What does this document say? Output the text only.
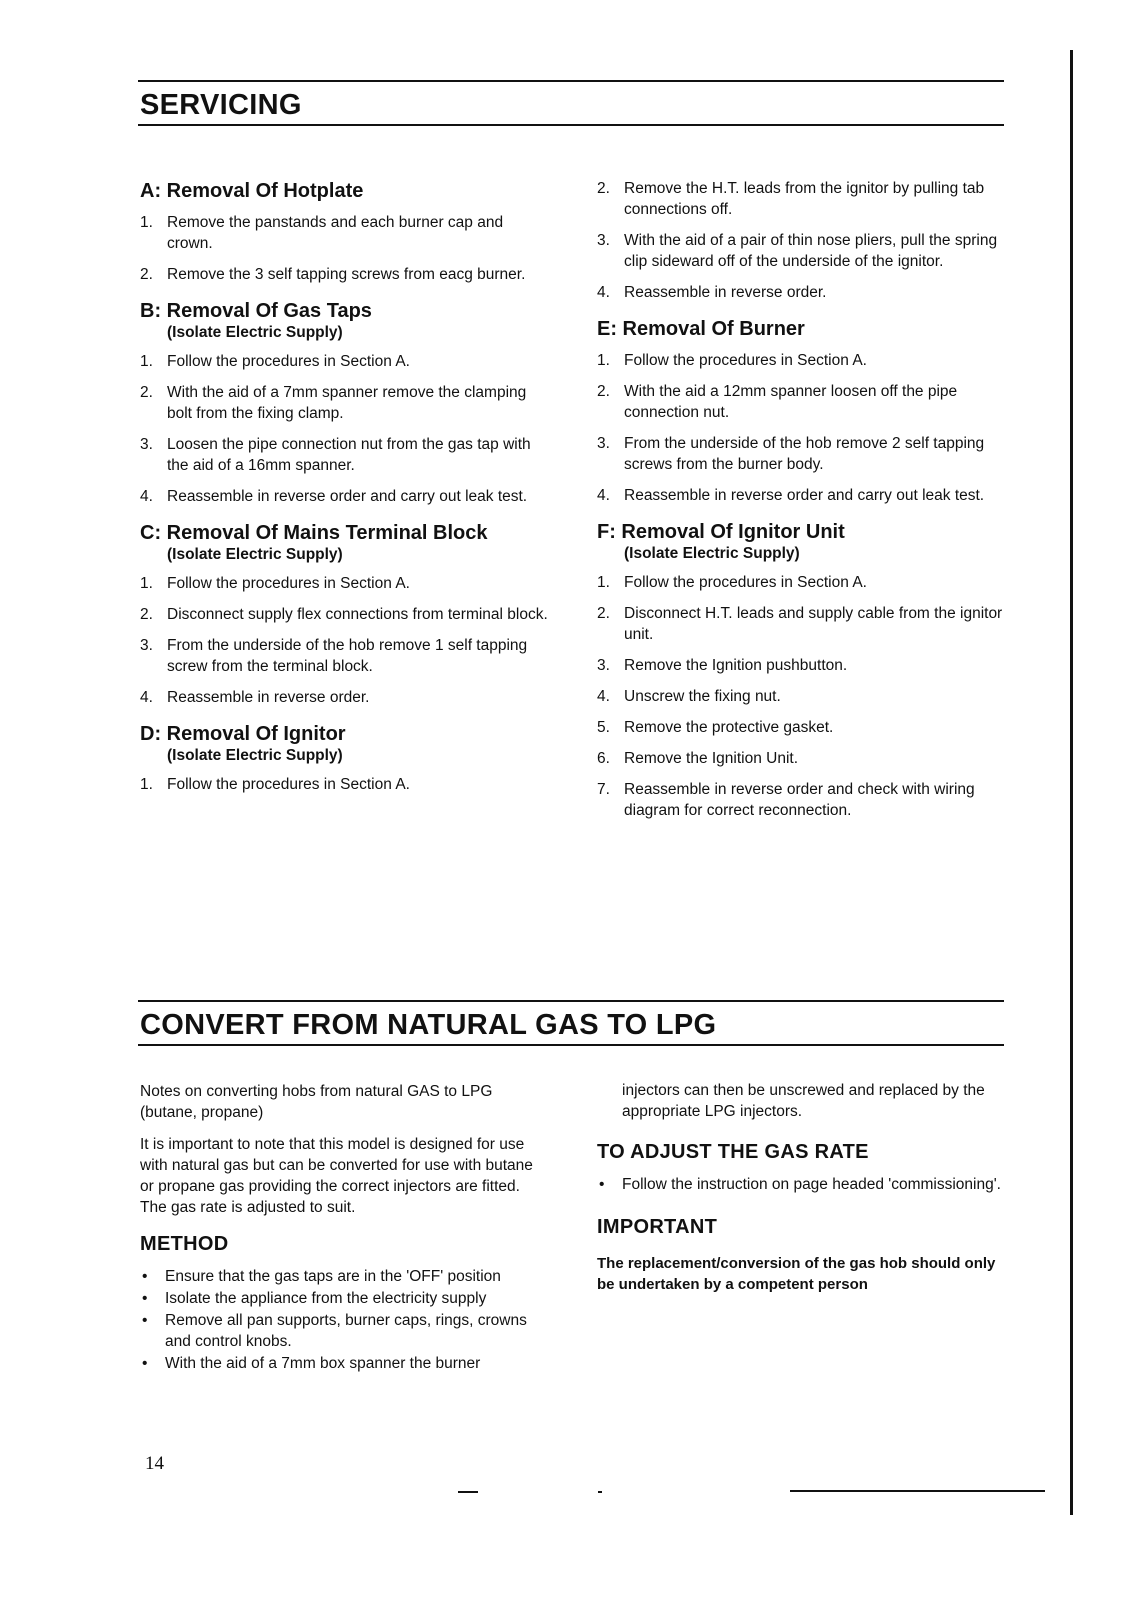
SERVICING
A: Removal Of Hotplate
1. Remove the panstands and each burner cap and crown.
2. Remove the 3 self tapping screws from eacg burner.
B: Removal Of Gas Taps

(Isolate Electric Supply)

1. Follow the procedures in Section A.
2. With the aid of a 7mm spanner remove the clamping bolt from the fixing clamp.
3. Loosen the pipe connection nut from the gas tap with the aid of a 16mm spanner.
4. Reassemble in reverse order and carry out leak test.
C: Removal Of Mains Terminal Block

(Isolate Electric Supply)

1. Follow the procedures in Section A.
2. Disconnect supply flex connections from terminal block.
3. From the underside of the hob remove 1 self tapping screw from the terminal block.
4. Reassemble in reverse order.
D: Removal Of Ignitor

(Isolate Electric Supply)

1. Follow the procedures in Section A.
2. Remove the H.T. leads from the ignitor by pulling tab connections off.
3. With the aid of a pair of thin nose pliers, pull the spring clip sideward off of the underside of the ignitor.
4. Reassemble in reverse order.
E: Removal Of Burner
1. Follow the procedures in Section A.
2. With the aid a 12mm spanner loosen off the pipe connection nut.
3. From the underside of the hob remove 2 self tapping screws from the burner body.
4. Reassemble in reverse order and carry out leak test.
F: Removal Of Ignitor Unit

(Isolate Electric Supply)

1. Follow the procedures in Section A.
2. Disconnect H.T. leads and supply cable from the ignitor unit.
3. Remove the Ignition pushbutton.
4. Unscrew the fixing nut.
5. Remove the protective gasket.
6. Remove the Ignition Unit.
7. Reassemble in reverse order and check with wiring diagram for correct reconnection.
CONVERT FROM NATURAL GAS TO LPG

Notes on converting hobs from natural GAS to LPG (butane, propane)

It is important to note that this model is designed for use with natural gas but can be converted for use with butane or propane gas providing the correct injectors are fitted. The gas rate is adjusted to suit.

METHOD
• Ensure that the gas taps are in the 'OFF' position
• Isolate the appliance from the electricity supply
• Remove all pan supports, burner caps, rings, crowns and control knobs.
• With the aid of a 7mm box spanner the burner

injectors can then be unscrewed and replaced by the appropriate LPG injectors.

TO ADJUST THE GAS RATE
• Follow the instruction on page headed 'commissioning'.
IMPORTANT

The replacement/conversion of the gas hob should only be undertaken by a competent person

14
